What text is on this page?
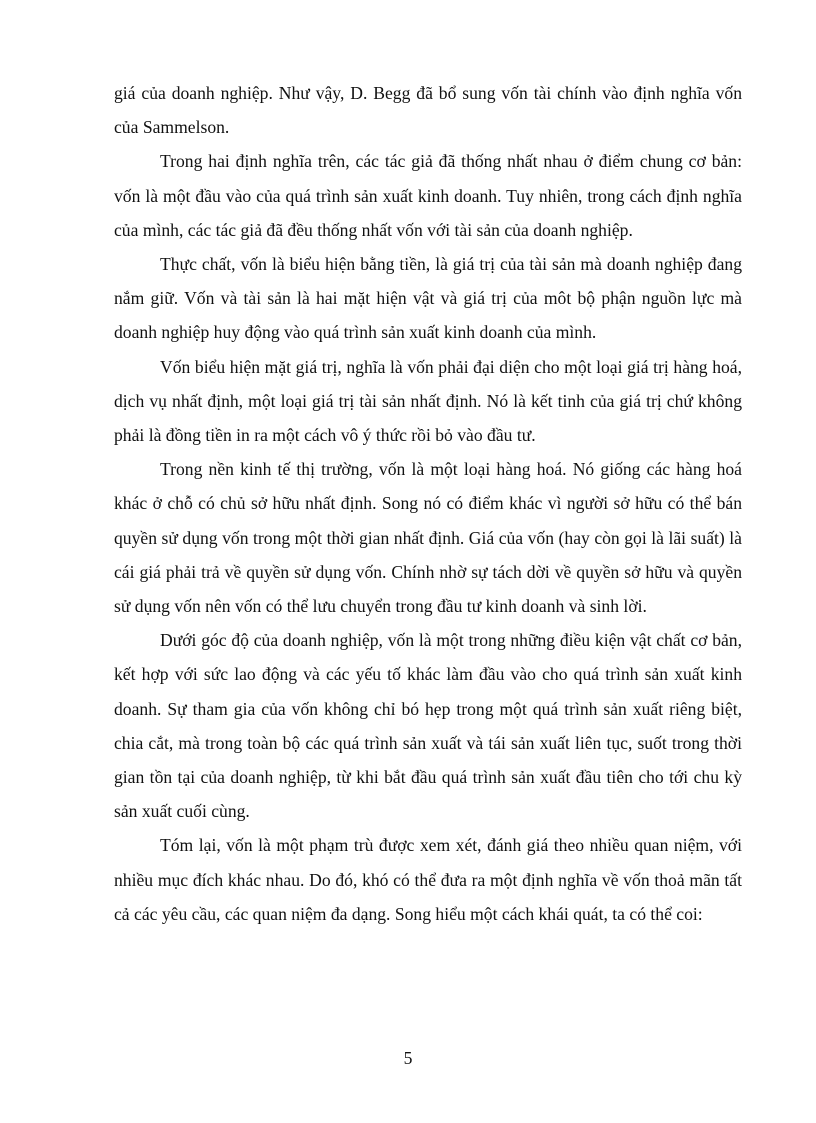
giá của doanh nghiệp. Như vậy, D. Begg đã bổ sung vốn tài chính vào định nghĩa vốn của Sammelson.

Trong hai định nghĩa trên, các tác giả đã thống nhất nhau ở điểm chung cơ bản: vốn là một đầu vào của quá trình sản xuất kinh doanh. Tuy nhiên, trong cách định nghĩa của mình, các tác giả đã đều thống nhất vốn với tài sản của doanh nghiệp.

Thực chất, vốn là biểu hiện bằng tiền, là giá trị của tài sản mà doanh nghiệp đang nắm giữ. Vốn và tài sản là hai mặt hiện vật và giá trị của môt bộ phận nguồn lực mà doanh nghiệp huy động vào quá trình sản xuất kinh doanh của mình.

Vốn biểu hiện mặt giá trị, nghĩa là vốn phải đại diện cho một loại giá trị hàng hoá, dịch vụ nhất định, một loại giá trị tài sản nhất định. Nó là kết tinh của giá trị chứ không phải là đồng tiền in ra một cách vô ý thức rồi bỏ vào đầu tư.

Trong nền kinh tế thị trường, vốn là một loại hàng hoá. Nó giống các hàng hoá khác ở chỗ có chủ sở hữu nhất định. Song nó có điểm khác vì người sở hữu có thể bán quyền sử dụng vốn trong một thời gian nhất định. Giá của vốn (hay còn gọi là lãi suất) là cái giá phải trả về quyền sử dụng vốn. Chính nhờ sự tách dời về quyền sở hữu và quyền sử dụng vốn nên vốn có thể lưu chuyển trong đầu tư kinh doanh và sinh lời.

Dưới góc độ của doanh nghiệp, vốn là một trong những điều kiện vật chất cơ bản, kết hợp với sức lao động và các yếu tố khác làm đầu vào cho quá trình sản xuất kinh doanh. Sự tham gia của vốn không chỉ bó hẹp trong một quá trình sản xuất riêng biệt, chia cắt, mà trong toàn bộ các quá trình sản xuất và tái sản xuất liên tục, suốt trong thời gian tồn tại của doanh nghiệp, từ khi bắt đầu quá trình sản xuất đầu tiên cho tới chu kỳ sản xuất cuối cùng.

Tóm lại, vốn là một phạm trù được xem xét, đánh giá theo nhiều quan niệm, với nhiều mục đích khác nhau. Do đó, khó có thể đưa ra một định nghĩa về vốn thoả mãn tất cả các yêu cầu, các quan niệm đa dạng. Song hiểu một cách khái quát, ta có thể coi:

5
